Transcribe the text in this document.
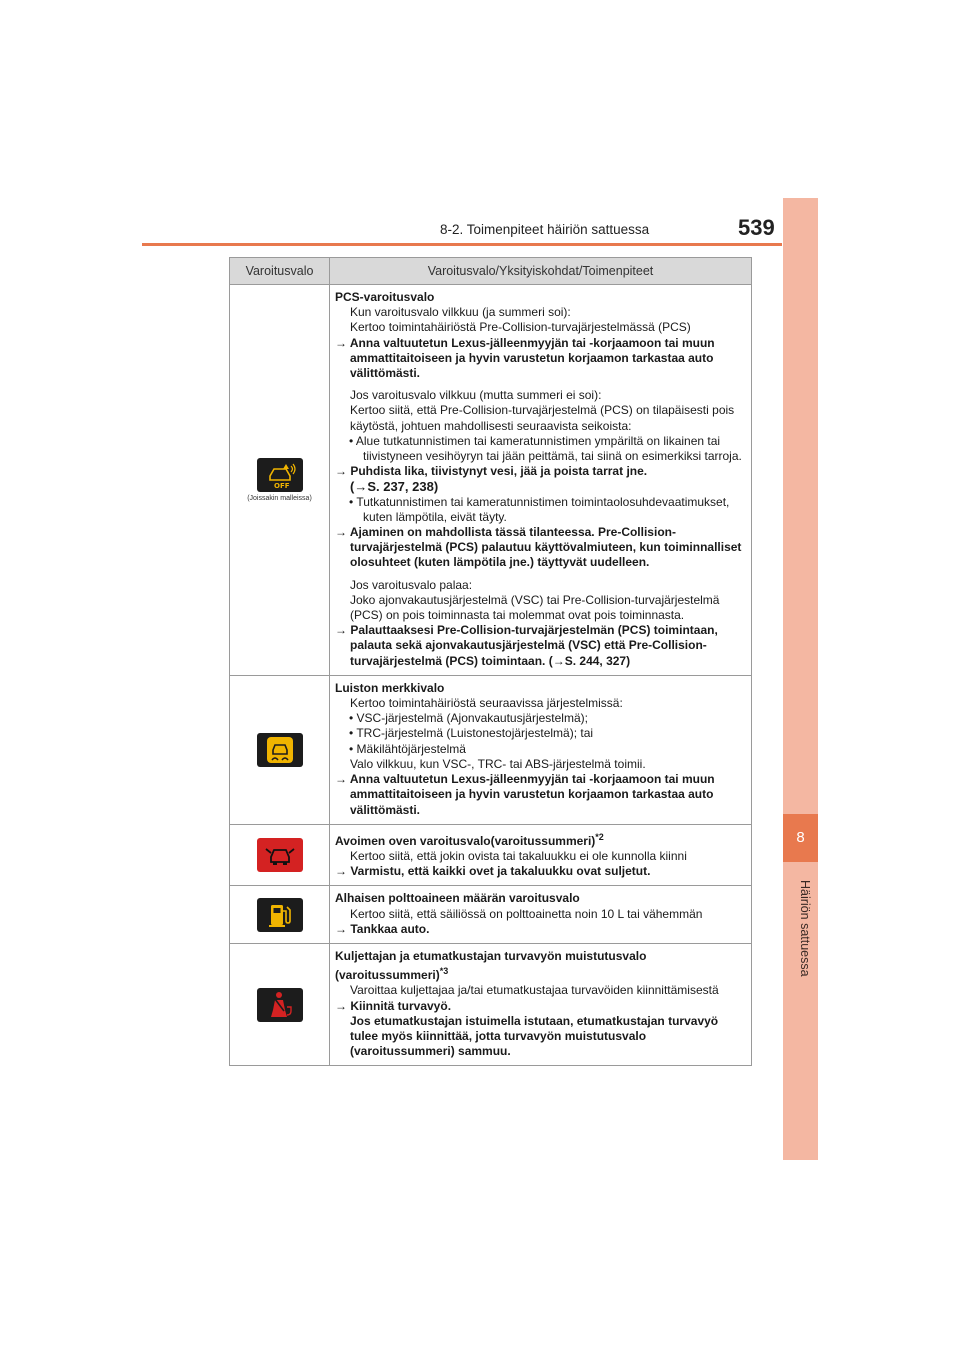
8-2. Toimenpiteet häiriön sattuessa	539
8
Häiriön sattuessa
Varoitusvalo	Varoitusvalo/Yksityiskohdat/Toimenpiteet
OFF
(Joissakin malleissa)
PCS-varoitusvalo
Kun varoitusvalo vilkkuu (ja summeri soi):
Kertoo toimintahäiriöstä Pre-Collision-turvajärjestelmässä (PCS)
→ Anna valtuutetun Lexus-jälleenmyyjän tai -korjaamoon tai muun ammattitaitoiseen ja hyvin varustetun korjaamon tarkastaa auto välittömästi.
Jos varoitusvalo vilkkuu (mutta summeri ei soi):
Kertoo siitä, että Pre-Collision-turvajärjestelmä (PCS) on tilapäisesti pois käytöstä, johtuen mahdollisesti seuraavista seikoista:
• Alue tutkatunnistimen tai kameratunnistimen ympäriltä on likainen tai tiivistyneen vesihöyryn tai jään peittämä, tai siinä on esimerkiksi tarroja.
→ Puhdista lika, tiivistynyt vesi, jää ja poista tarrat jne.
(→S. 237, 238)
• Tutkatunnistimen tai kameratunnistimen toimintaolosuhdevaatimukset, kuten lämpötila, eivät täyty.
→ Ajaminen on mahdollista tässä tilanteessa. Pre-Collision-turvajärjestelmä (PCS) palautuu käyttövalmiuteen, kun toiminnalliset olosuhteet (kuten lämpötila jne.) täyttyvät uudelleen.
Jos varoitusvalo palaa:
Joko ajonvakautusjärjestelmä (VSC) tai Pre-Collision-turvajärjestelmä (PCS) on pois toiminnasta tai molemmat ovat pois toiminnasta.
→ Palauttaaksesi Pre-Collision-turvajärjestelmän (PCS) toimintaan, palauta sekä ajonvakautusjärjestelmä (VSC) että Pre-Collision-turvajärjestelmä (PCS) toimintaan. (→S. 244, 327)
Luiston merkkivalo
Kertoo toimintahäiriöstä seuraavissa järjestelmissä:
• VSC-järjestelmä (Ajonvakautusjärjestelmä);
• TRC-järjestelmä (Luistonestojärjestelmä); tai
• Mäkilähtöjärjestelmä
Valo vilkkuu, kun VSC-, TRC- tai ABS-järjestelmä toimii.
→ Anna valtuutetun Lexus-jälleenmyyjän tai -korjaamoon tai muun ammattitaitoiseen ja hyvin varustetun korjaamon tarkastaa auto välittömästi.
Avoimen oven varoitusvalo(varoitussummeri)$^{*2}$
Kertoo siitä, että jokin ovista tai takaluukku ei ole kunnolla kiinni
→ Varmistu, että kaikki ovet ja takaluukku ovat suljetut.
Alhaisen polttoaineen määrän varoitusvalo
Kertoo siitä, että säiliössä on polttoainetta noin 10 L tai vähemmän
→ Tankkaa auto.
Kuljettajan ja etumatkustajan turvavyön muistutusvalo (varoitussummeri)$^{*3}$
Varoittaa kuljettajaa ja/tai etumatkustajaa turvavöiden kiinnittämisestä
→ Kiinnitä turvavyö.
Jos etumatkustajan istuimella istutaan, etumatkustajan turvavyö tulee myös kiinnittää, jotta turvavyön muistutusvalo (varoitussummeri) sammuu.
